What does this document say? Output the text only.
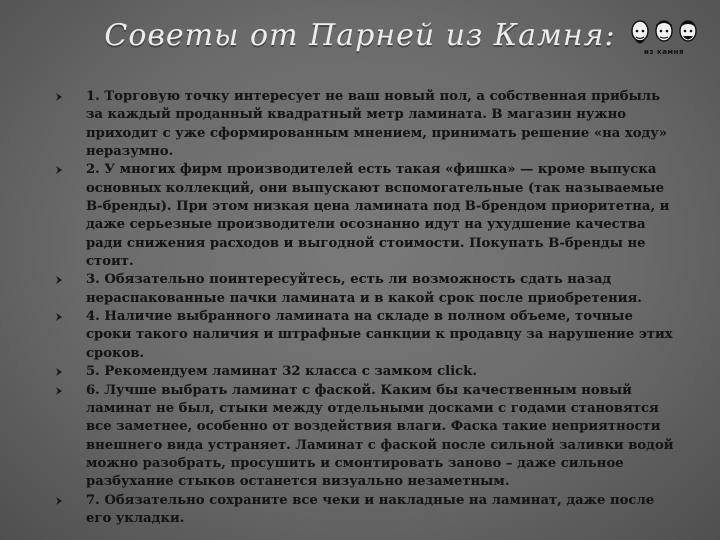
Советы от Парней из Камня:	из камня
1. Торговую точку интересует не ваш новый пол, а собственная прибыль за каждый проданный квадратный метр ламината. В магазин нужно приходит с уже сформированным мнением, принимать решение «на ходу» неразумно.
2. У многих фирм производителей есть такая «фишка» — кроме выпуска основных коллекций, они выпускают вспомогательные (так называемые В-бренды). При этом низкая цена ламината под В-брендом приоритетна, и даже серьезные производители осознанно идут на ухудшение качества ради снижения расходов и выгодной стоимости. Покупать В-бренды не стоит.
3. Обязательно поинтересуйтесь, есть ли возможность сдать назад нераспакованные пачки ламината и в какой срок после приобретения.
4. Наличие выбранного ламината на складе в полном объеме, точные сроки такого наличия и штрафные санкции к продавцу за нарушение этих сроков.
5. Рекомендуем ламинат 32 класса с замком сlick.
6. Лучше выбрать ламинат с фаской. Каким бы качественным новый ламинат не был, стыки между отдельными досками с годами становятся все заметнее, особенно от воздействия влаги. Фаска такие неприятности внешнего вида устраняет. Ламинат с фаской после сильной заливки водой можно разобрать, просушить и смонтировать заново – даже сильное разбухание стыков останется визуально незаметным.
7. Обязательно сохраните все чеки и накладные на ламинат, даже после его укладки.
